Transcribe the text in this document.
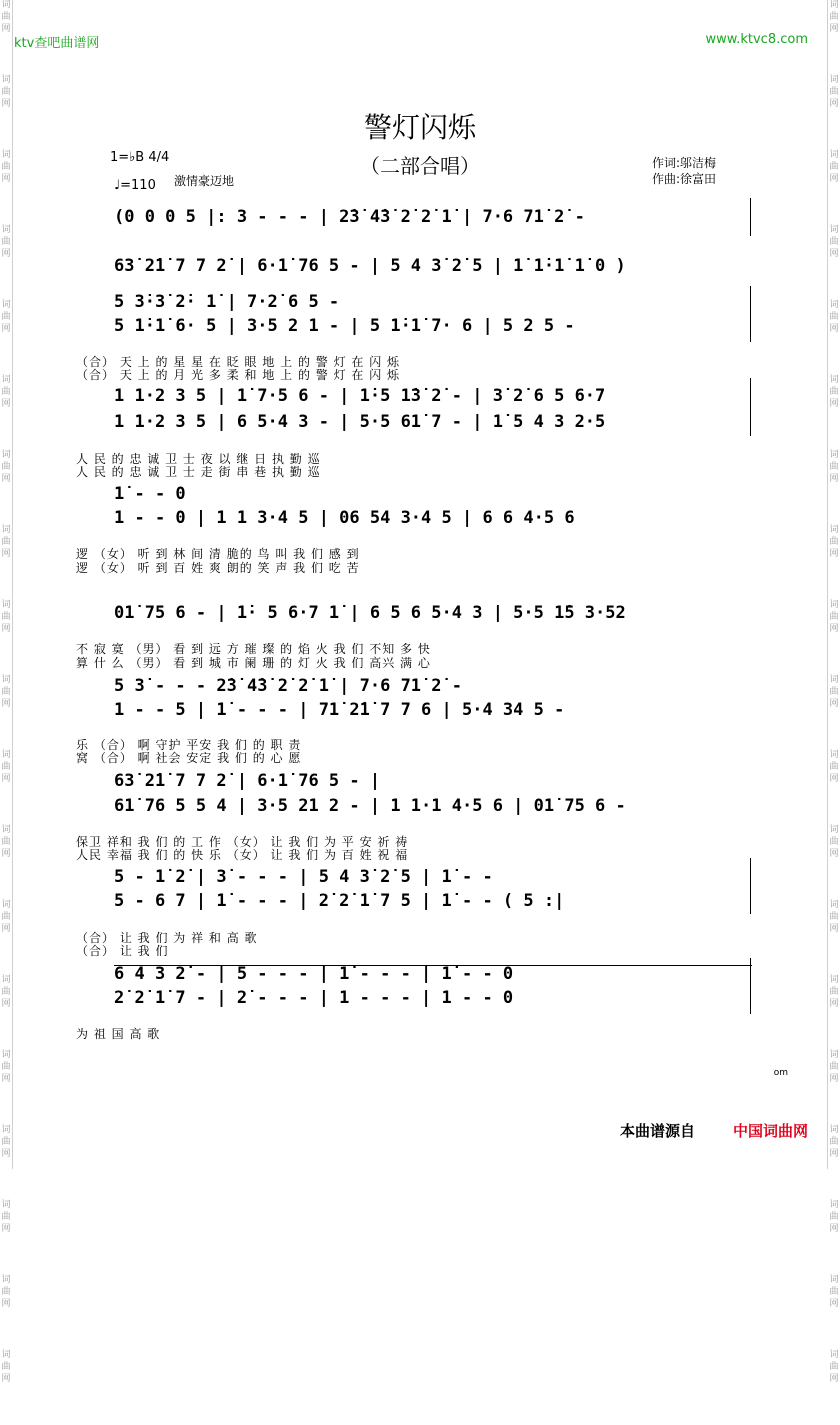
词
曲
网
词
曲
网
词
曲
网
词
曲
网
词
曲
网
词
曲
网
词
曲
网
词
曲
网
词
曲
网
词
曲
网
词
曲
网
词
曲
网
词
曲
网
词
曲
网
词
曲
网
词
曲
网
词
曲
网
词
曲
网
词
曲
网
词
曲
网
词
曲
网
词
曲
网
词
曲
网
词
曲
网
词
曲
网
词
曲
网
词
曲
网
词
曲
网
词
曲
网
词
曲
网
词
曲
网
词
曲
网
词
曲
网
词
曲
网
词
曲
网
词
曲
网
词
曲
网
词
曲
网
ktv查吧曲谱网	www.ktvc8.com
警灯闪烁
（二部合唱）	作词:邬洁梅
作曲:徐富田
1=♭B 4/4
♩=110 激情豪迈地
(0 0 0 5 |: 3 - - - | 2̇3̇ 4̇3̇ 2̇ 2̇ 1̇ | 7·6 71̇ 2̇ -
63̇ 2̇1̇ 7 7 2̇ | 6·1̇ 76 5 - | 5 4 3̇ 2̇ 5 | 1̇ 1̇·1̇ 1̇ 0 )
5 3̇·3̇ 2̇· 1̇ | 7·2̇ 6 5 -
5 1̇·1̇ 6· 5 | 3·5 2 1 - | 5 1̇·1̇ 7· 6 | 5 2 5 -
（合） 天 上 的 星 星 在 眨 眼 地 上 的 警 灯 在 闪 烁
（合） 天 上 的 月 光 多 柔 和 地 上 的 警 灯 在 闪 烁
1 1·2 3 5 | 1̇ 7·5 6 - | 1̇·5 1̇3̇ 2̇ - | 3̇ 2̇ 6 5 6·7
1 1·2 3 5 | 6 5·4 3 - | 5·5 61̇ 7 - | 1̇ 5 4 3 2·5
人 民 的 忠 诚 卫 士 夜 以 继 日 执 勤 巡
人 民 的 忠 诚 卫 士 走 街 串 巷 执 勤 巡
1̇ - - 0
1 - - 0 | 1 1 3·4 5 | 06 54 3·4 5 | 6 6 4·5 6
逻 （女） 听 到 林 间 清 脆的 鸟 叫 我 们 感 到
逻 （女） 听 到 百 姓 爽 朗的 笑 声 我 们 吃 苦
01̇ 75 6 - | 1̇· 5 6·7 1̇ | 6 5 6 5·4 3 | 5·5 1̇5 3·52
不 寂 寞 （男） 看 到 远 方 璀 璨 的 焰 火 我 们 不知 多 快
算 什 么 （男） 看 到 城 市 阑 珊 的 灯 火 我 们 高兴 满 心
5 3̇ - - - 2̇3̇ 4̇3̇ 2̇ 2̇ 1̇ | 7·6 71̇ 2̇ -
1 - - 5 | 1̇ - - - | 71̇ 2̇1̇ 7 7 6 | 5·4 34 5 -
乐 （合） 啊 守护 平安 我 们 的 职 责
窝 （合） 啊 社会 安定 我 们 的 心 愿
63̇ 2̇1̇ 7 7 2̇ | 6·1̇ 76 5 - |
61̇ 76 5 5 4 | 3·5 21 2 - | 1 1·1 4·5 6 | 01̇ 75 6 -
保卫 祥和 我 们 的 工 作 （女） 让 我 们 为 平 安 祈 祷
人民 幸福 我 们 的 快 乐 （女） 让 我 们 为 百 姓 祝 福
5 - 1̇ 2̇ | 3̇ - - - | 5 4 3̇ 2̇ 5 | 1̇ - -
5 - 6 7 | 1̇ - - - | 2̇ 2̇ 1̇ 7 5 | 1̇ - - ( 5 :|
（合） 让 我 们 为 祥 和 高 歌
（合） 让 我 们
6 4 3 2̇ - | 5 - - - | 1̇ - - - | 1̇ - - 0
2̇ 2̇ 1̇ 7 - | 2̇ - - - | 1 - - - | 1 - - 0
为 祖 国 高 歌
om
本曲谱源自	中国词曲网
